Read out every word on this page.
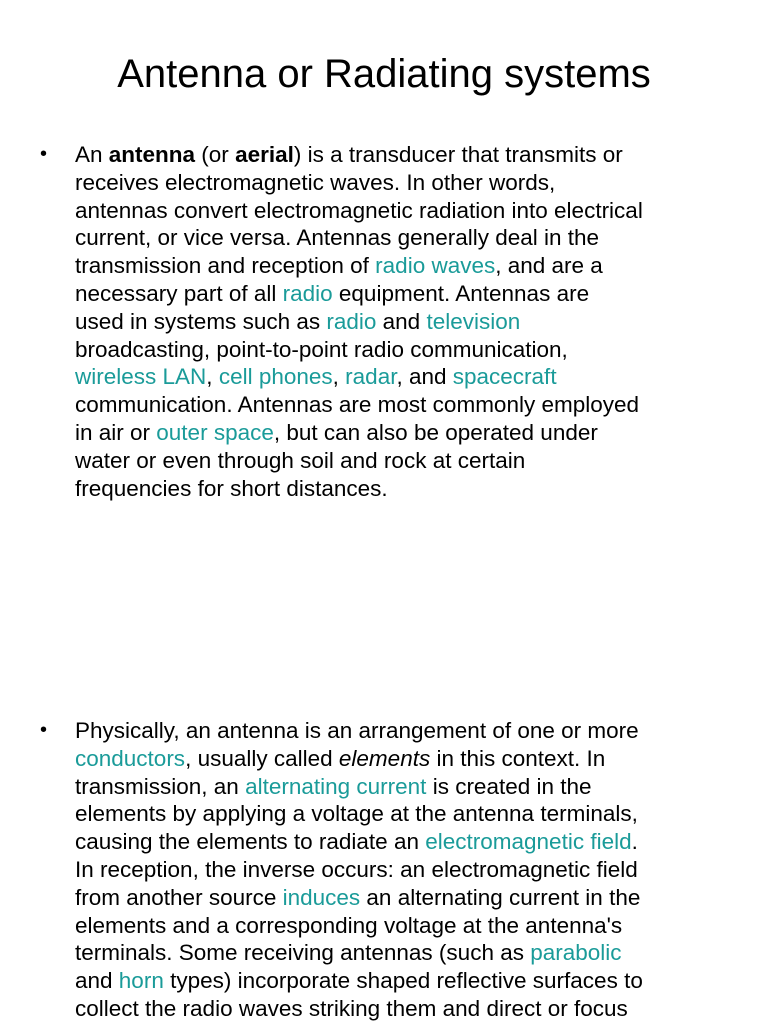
Antenna or Radiating systems
• An antenna (or aerial) is a transducer that transmits or
receives electromagnetic waves. In other words,
antennas convert electromagnetic radiation into electrical
current, or vice versa. Antennas generally deal in the
transmission and reception of radio waves, and are a
necessary part of all radio equipment. Antennas are
used in systems such as radio and television
broadcasting, point-to-point radio communication,
wireless LAN, cell phones, radar, and spacecraft
communication. Antennas are most commonly employed
in air or outer space, but can also be operated under
water or even through soil and rock at certain
frequencies for short distances.
• Physically, an antenna is an arrangement of one or more
conductors, usually called elements in this context. In
transmission, an alternating current is created in the
elements by applying a voltage at the antenna terminals,
causing the elements to radiate an electromagnetic field.
In reception, the inverse occurs: an electromagnetic field
from another source induces an alternating current in the
elements and a corresponding voltage at the antenna's
terminals. Some receiving antennas (such as parabolic
and horn types) incorporate shaped reflective surfaces to
collect the radio waves striking them and direct or focus
